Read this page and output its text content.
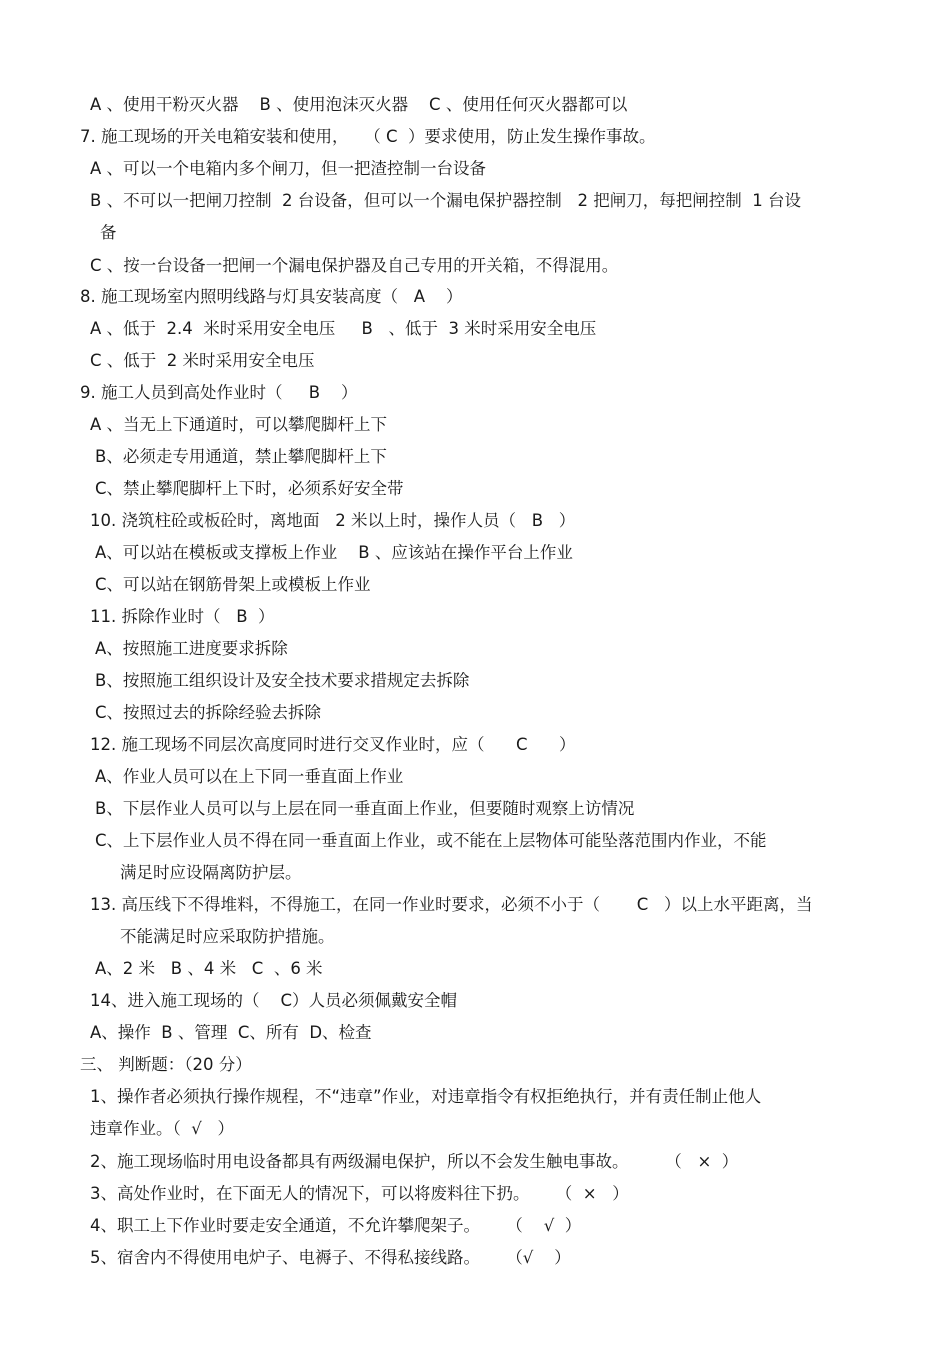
A 、使用干粉灭火器    B 、使用泡沫灭火器    C 、使用任何灭火器都可以
7. 施工现场的开关电箱安装和使用，   （ C  ）要求使用，防止发生操作事故。
A 、可以一个电箱内多个闸刀，但一把渣控制一台设备
B 、不可以一把闸刀控制  2 台设备，但可以一个漏电保护器控制   2 把闸刀，每把闸控制  1 台设
备
C 、按一台设备一把闸一个漏电保护器及自己专用的开关箱，不得混用。
8. 施工现场室内照明线路与灯具安装高度（   A    ）
A 、低于  2.4  米时采用安全电压     B   、低于  3 米时采用安全电压
C 、低于  2 米时采用安全电压
9. 施工人员到高处作业时（     B    ）
A 、当无上下通道时，可以攀爬脚杆上下
B、必须走专用通道，禁止攀爬脚杆上下
C、禁止攀爬脚杆上下时，必须系好安全带
10. 浇筑柱砼或板砼时，离地面   2 米以上时，操作人员（   B   ）
A、可以站在模板或支撑板上作业    B 、应该站在操作平台上作业
C、可以站在钢筋骨架上或模板上作业
11. 拆除作业时（   B  ）
A、按照施工进度要求拆除
B、按照施工组织设计及安全技术要求措规定去拆除
C、按照过去的拆除经验去拆除
12. 施工现场不同层次高度同时进行交叉作业时，应（      C      ）
A、作业人员可以在上下同一垂直面上作业
B、下层作业人员可以与上层在同一垂直面上作业，但要随时观察上访情况
C、上下层作业人员不得在同一垂直面上作业，或不能在上层物体可能坠落范围内作业，不能
满足时应设隔离防护层。
13. 高压线下不得堆料，不得施工，在同一作业时要求，必须不小于（       C   ）以上水平距离，当
不能满足时应采取防护措施。
A、2 米   B 、4 米   C  、6 米
14、进入施工现场的（    C）人员必须佩戴安全帽
A、操作  B 、管理  C、所有  D、检查
三、 判断题：（20 分）
1、操作者必须执行操作规程，不“违章”作业，对违章指令有权拒绝执行，并有责任制止他人
违章作业。（  √   ）
2、施工现场临时用电设备都具有两级漏电保护，所以不会发生触电事故。       （   ×  ）
3、高处作业时，在下面无人的情况下，可以将废料往下扔。     （  ×   ）
4、职工上下作业时要走安全通道，不允许攀爬架子。     （    √  ）
5、宿舍内不得使用电炉子、电褥子、不得私接线路。     （√    ）
